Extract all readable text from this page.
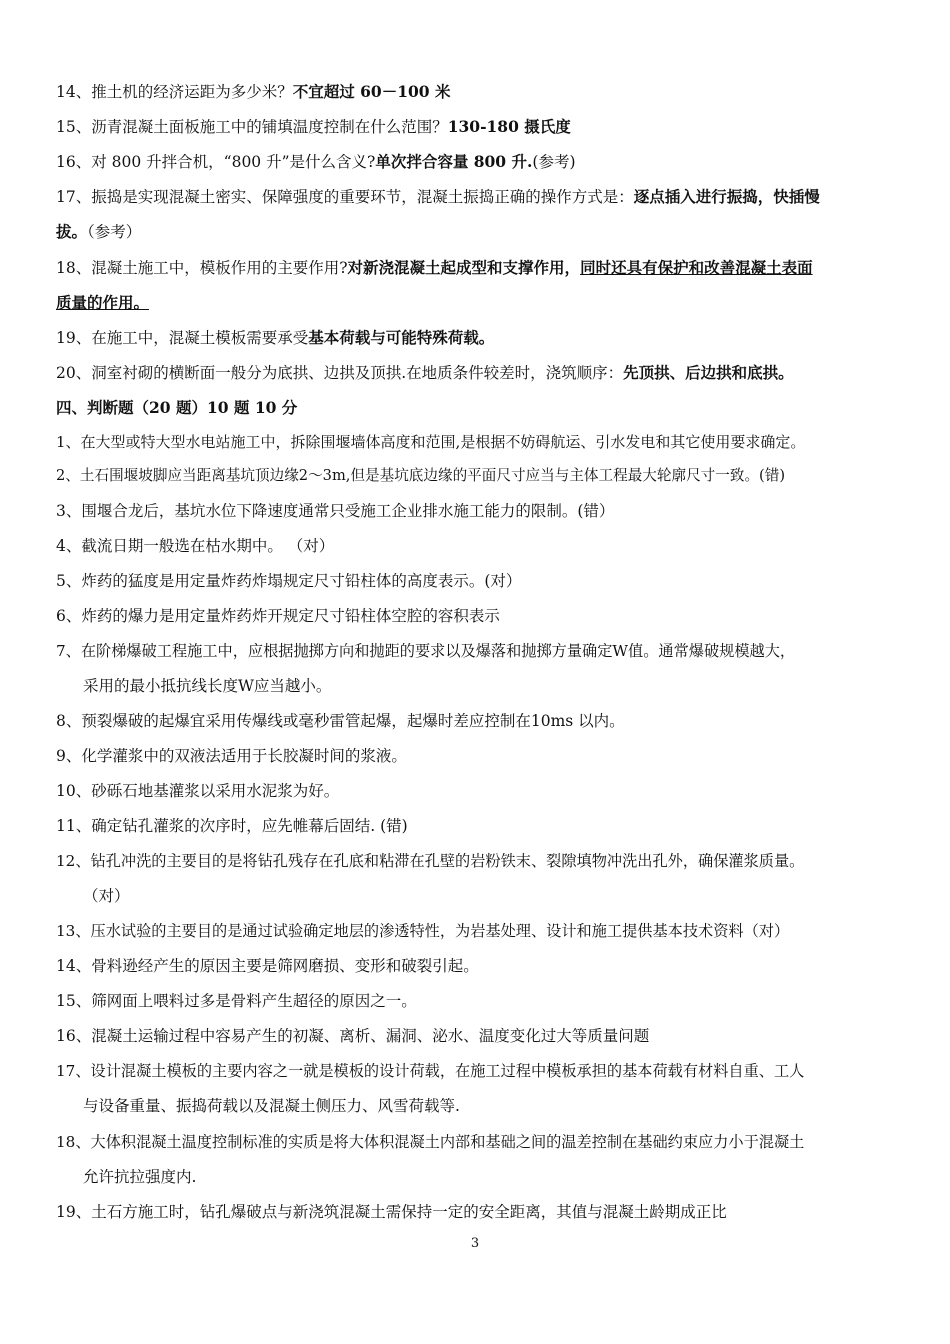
14、推土机的经济运距为多少米？不宜超过 60－100 米
15、沥青混凝土面板施工中的铺填温度控制在什么范围？130-180 摄氏度
16、对 800 升拌合机，“800 升”是什么含义?单次拌合容量 800 升.(参考)
17、振捣是实现混凝土密实、保障强度的重要环节，混凝土振捣正确的操作方式是：逐点插入进行振捣，快插慢
拔。（参考）
18、混凝土施工中，模板作用的主要作用?对新浇混凝土起成型和支撑作用，同时还具有保护和改善混凝土表面
质量的作用。
19、在施工中，混凝土模板需要承受基本荷载与可能特殊荷载。
20、洞室衬砌的横断面一般分为底拱、边拱及顶拱.在地质条件较差时，浇筑顺序：先顶拱、后边拱和底拱。
四、判断题（20 题）10 题 10 分
1、在大型或特大型水电站施工中，拆除围堰墙体高度和范围,是根据不妨碍航运、引水发电和其它使用要求确定。
2、土石围堰坡脚应当距离基坑顶边缘2～3m,但是基坑底边缘的平面尺寸应当与主体工程最大轮廓尺寸一致。(错)
3、围堰合龙后，基坑水位下降速度通常只受施工企业排水施工能力的限制。(错）
4、截流日期一般选在枯水期中。 （对）
5、炸药的猛度是用定量炸药炸塌规定尺寸铅柱体的高度表示。(对）
6、炸药的爆力是用定量炸药炸开规定尺寸铅柱体空腔的容积表示
7、在阶梯爆破工程施工中，应根据抛掷方向和抛距的要求以及爆落和抛掷方量确定W值。通常爆破规模越大，
采用的最小抵抗线长度W应当越小。
8、预裂爆破的起爆宜采用传爆线或毫秒雷管起爆，起爆时差应控制在10ms 以内。
9、化学灌浆中的双液法适用于长胶凝时间的浆液。
10、砂砾石地基灌浆以采用水泥浆为好。
11、确定钻孔灌浆的次序时，应先帷幕后固结. (错)
12、钻孔冲洗的主要目的是将钻孔残存在孔底和粘滞在孔壁的岩粉铁末、裂隙填物冲洗出孔外，确保灌浆质量。
（对）
13、压水试验的主要目的是通过试验确定地层的渗透特性，为岩基处理、设计和施工提供基本技术资料（对）
14、骨料逊经产生的原因主要是筛网磨损、变形和破裂引起。
15、筛网面上喂料过多是骨料产生超径的原因之一。
16、混凝土运输过程中容易产生的初凝、离析、漏洞、泌水、温度变化过大等质量问题
17、设计混凝土模板的主要内容之一就是模板的设计荷载，在施工过程中模板承担的基本荷载有材料自重、工人
与设备重量、振捣荷载以及混凝土侧压力、风雪荷载等.
18、大体积混凝土温度控制标准的实质是将大体积混凝土内部和基础之间的温差控制在基础约束应力小于混凝土
允许抗拉强度内.
19、土石方施工时，钻孔爆破点与新浇筑混凝土需保持一定的安全距离，其值与混凝土龄期成正比
3
